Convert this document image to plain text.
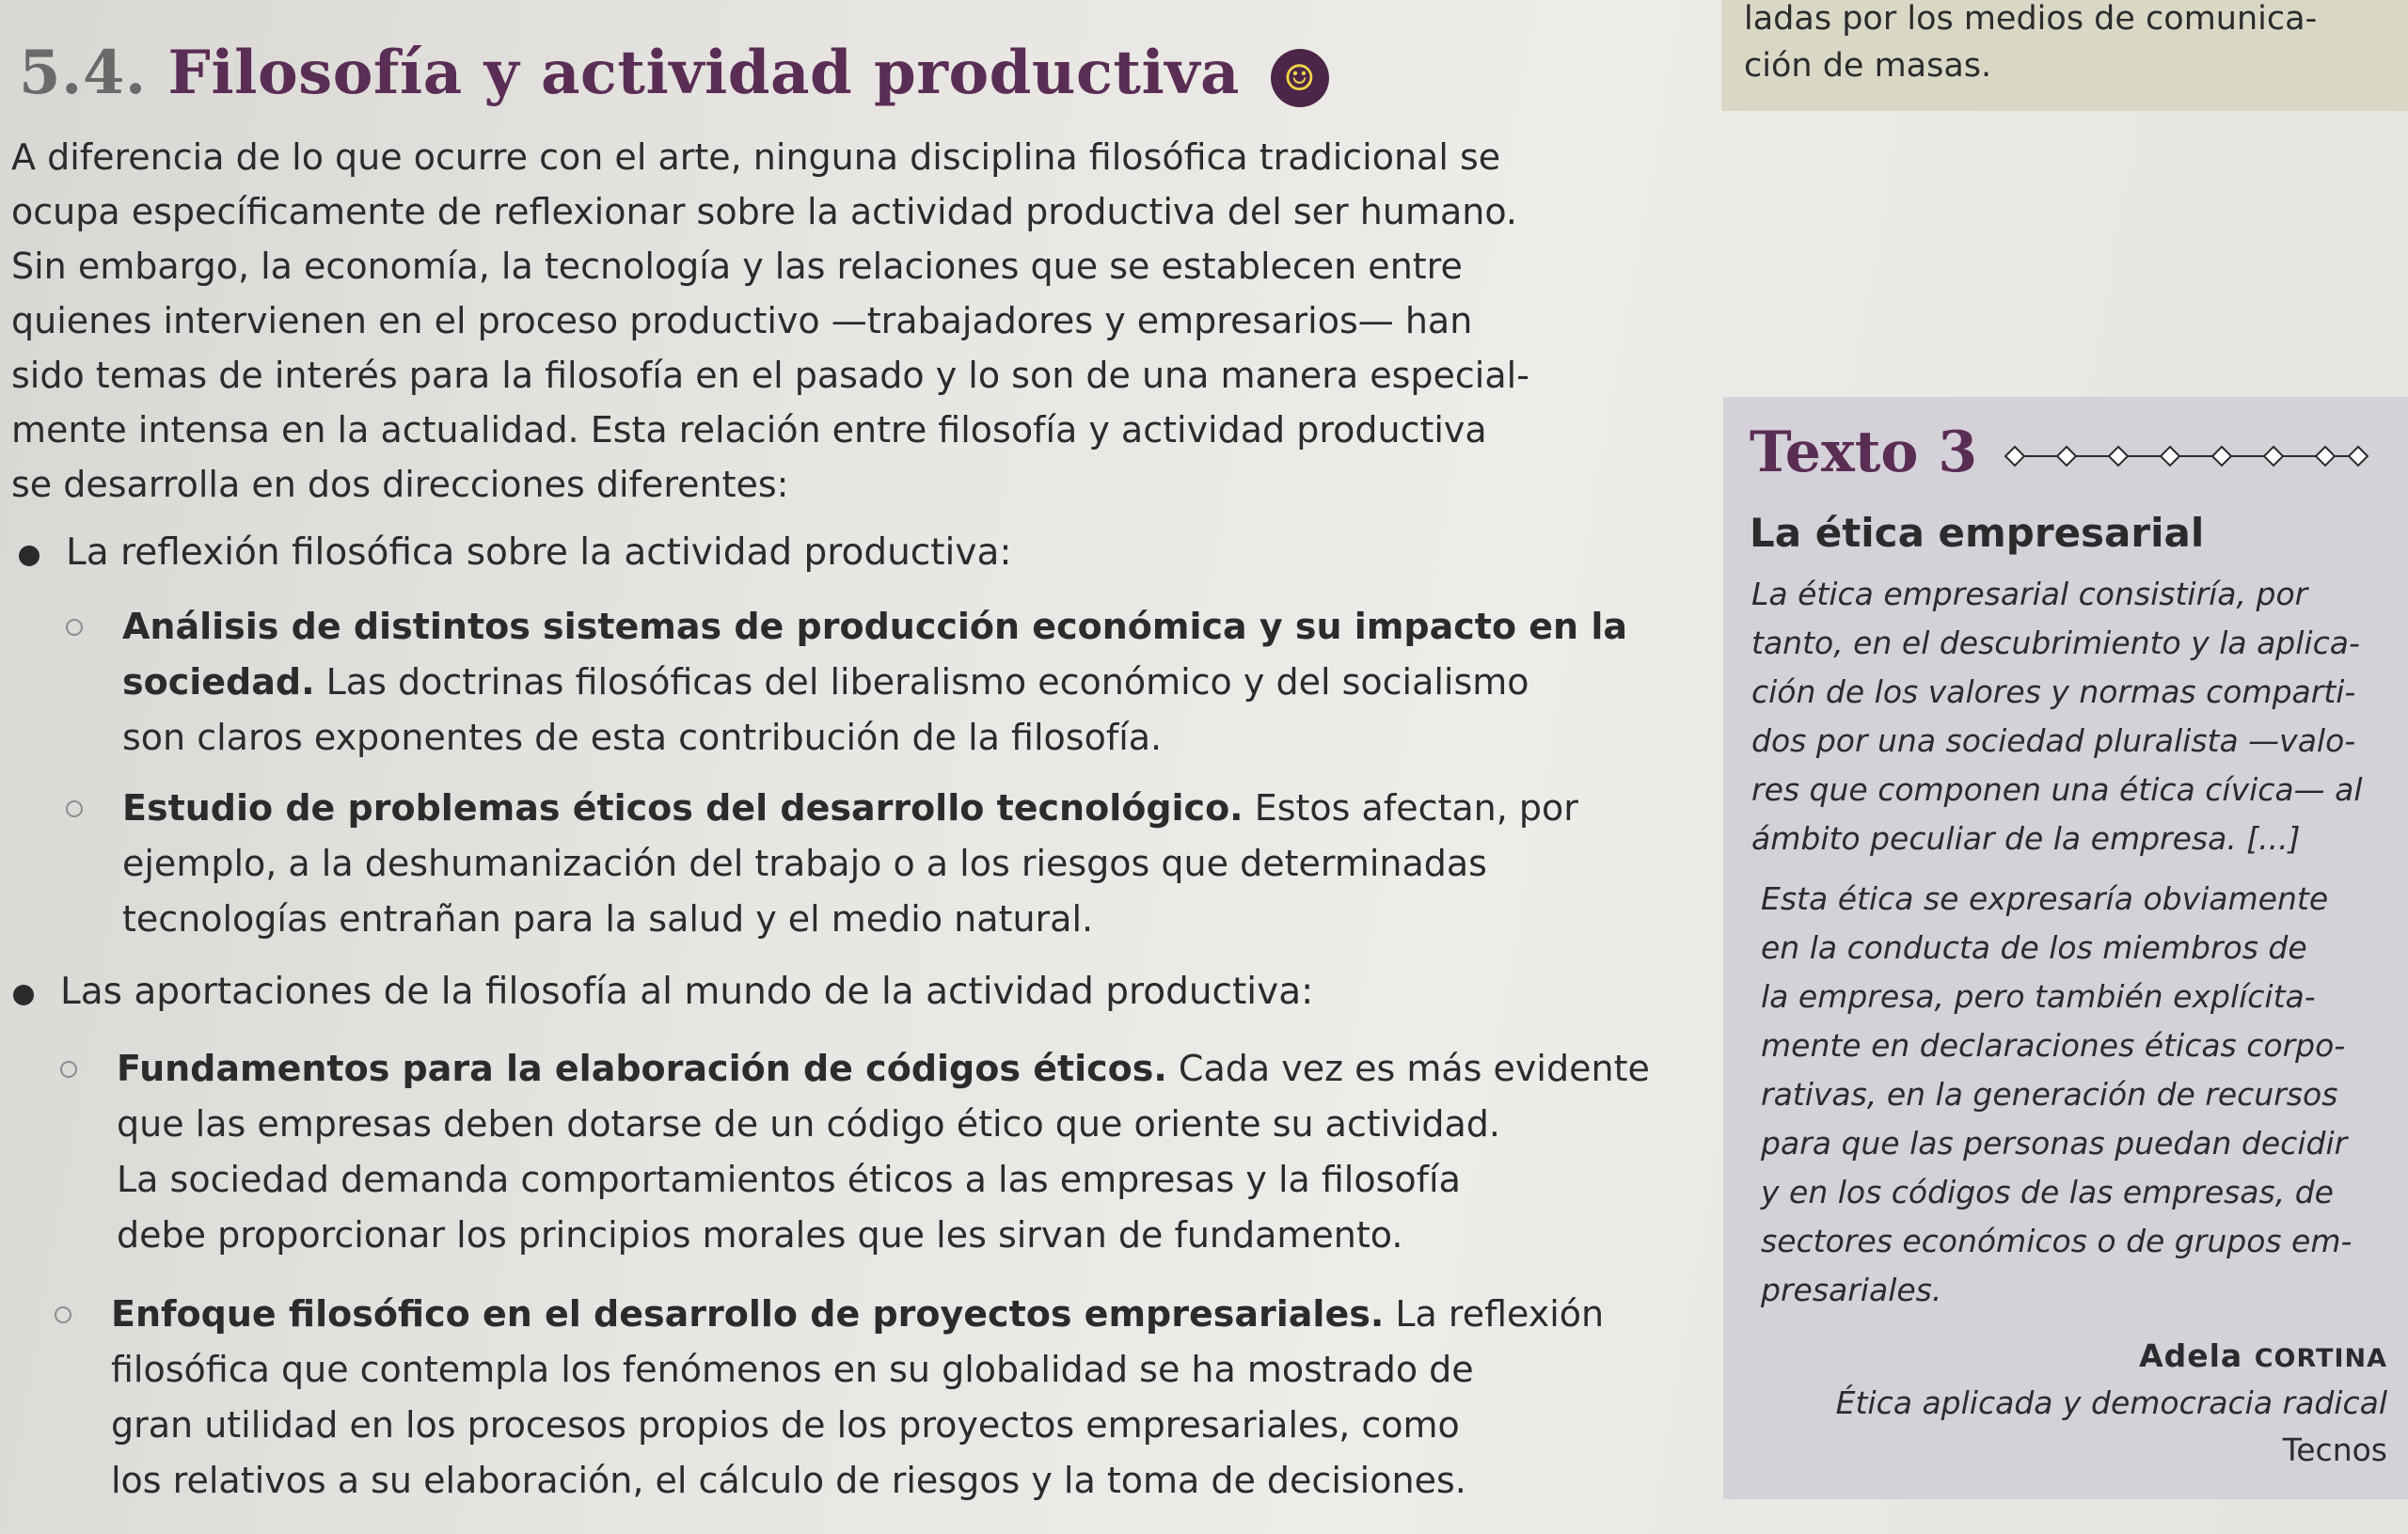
ladas por los medios de comunica-
ción de masas.
5.4. Filosofía y actividad productiva ☺
A diferencia de lo que ocurre con el arte, ninguna disciplina filosófica tradicional se
ocupa específicamente de reflexionar sobre la actividad productiva del ser humano.
Sin embargo, la economía, la tecnología y las relaciones que se establecen entre
quienes intervienen en el proceso productivo —trabajadores y empresarios— han
sido temas de interés para la filosofía en el pasado y lo son de una manera especial-
mente intensa en la actualidad. Esta relación entre filosofía y actividad productiva
se desarrolla en dos direcciones diferentes:
La reflexión filosófica sobre la actividad productiva:
Análisis de distintos sistemas de producción económica y su impacto en la
sociedad. Las doctrinas filosóficas del liberalismo económico y del socialismo
son claros exponentes de esta contribución de la filosofía.
Estudio de problemas éticos del desarrollo tecnológico. Estos afectan, por
ejemplo, a la deshumanización del trabajo o a los riesgos que determinadas
tecnologías entrañan para la salud y el medio natural.
Las aportaciones de la filosofía al mundo de la actividad productiva:
Fundamentos para la elaboración de códigos éticos. Cada vez es más evidente
que las empresas deben dotarse de un código ético que oriente su actividad.
La sociedad demanda comportamientos éticos a las empresas y la filosofía
debe proporcionar los principios morales que les sirvan de fundamento.
Enfoque filosófico en el desarrollo de proyectos empresariales. La reflexión
filosófica que contempla los fenómenos en su globalidad se ha mostrado de
gran utilidad en los procesos propios de los proyectos empresariales, como
los relativos a su elaboración, el cálculo de riesgos y la toma de decisiones.
Texto 3
La ética empresarial
La ética empresarial consistiría, por
tanto, en el descubrimiento y la aplica-
ción de los valores y normas comparti-
dos por una sociedad pluralista —valo-
res que componen una ética cívica— al
ámbito peculiar de la empresa. [...]
Esta ética se expresaría obviamente
en la conducta de los miembros de
la empresa, pero también explícita-
mente en declaraciones éticas corpo-
rativas, en la generación de recursos
para que las personas puedan decidir
y en los códigos de las empresas, de
sectores económicos o de grupos em-
presariales.
Adela CORTINA
Ética aplicada y democracia radical
Tecnos
